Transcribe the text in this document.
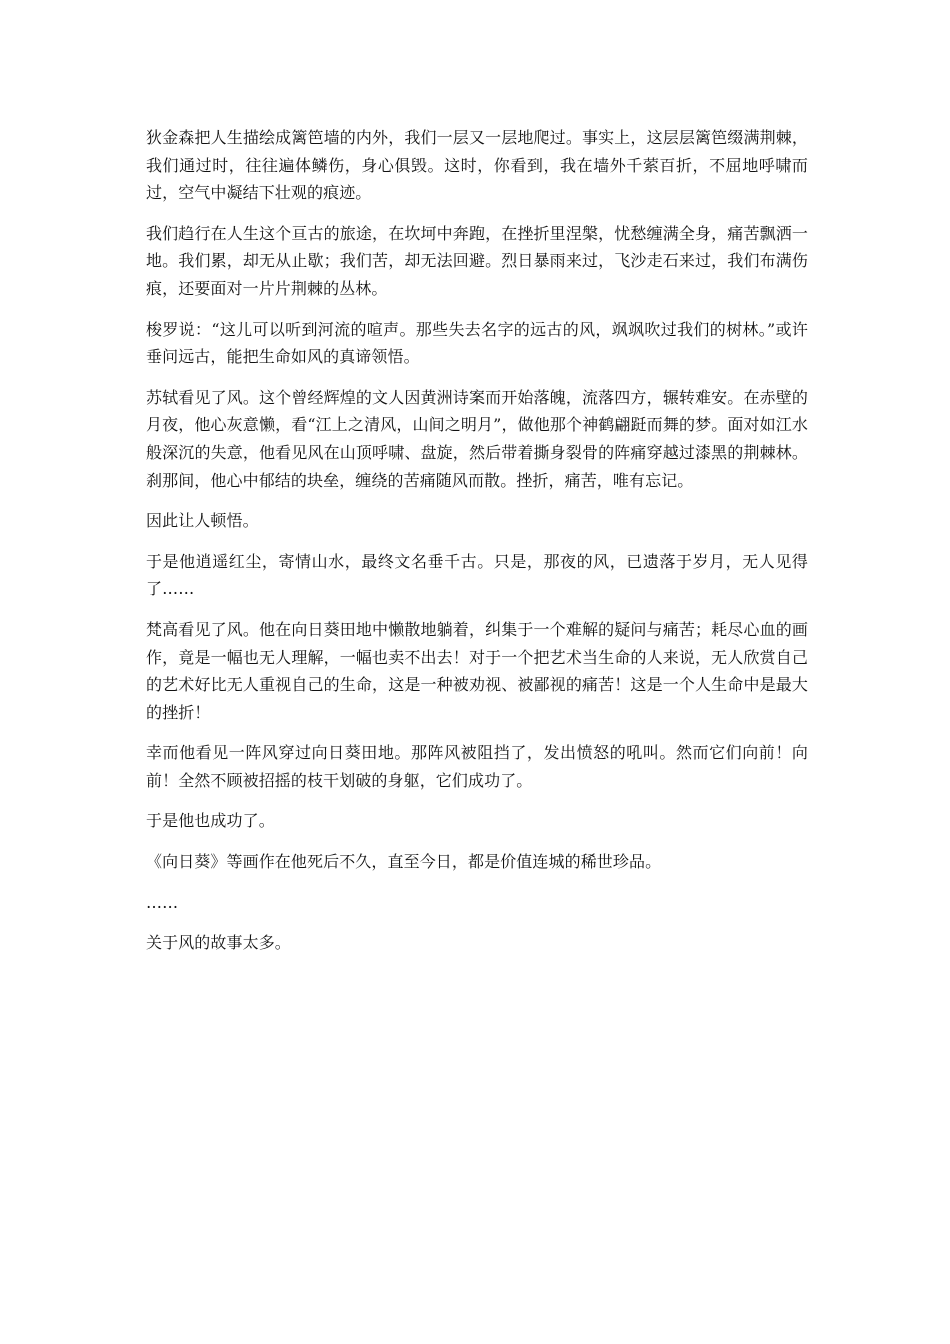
狄金森把人生描绘成篱笆墙的内外，我们一层又一层地爬过。事实上，这层层篱笆缀满荆棘，我们通过时，往往遍体鳞伤，身心俱毁。这时，你看到，我在墙外千萦百折，不屈地呼啸而过，空气中凝结下壮观的痕迹。

我们趋行在人生这个亘古的旅途，在坎坷中奔跑，在挫折里涅槃，忧愁缠满全身，痛苦飘洒一地。我们累，却无从止歇；我们苦，却无法回避。烈日暴雨来过，飞沙走石来过，我们布满伤痕，还要面对一片片荆棘的丛林。

梭罗说：“这儿可以听到河流的喧声。那些失去名字的远古的风，飒飒吹过我们的树林。”或许垂问远古，能把生命如风的真谛领悟。

苏轼看见了风。这个曾经辉煌的文人因黄洲诗案而开始落魄，流落四方，辗转难安。在赤壁的月夜，他心灰意懒，看“江上之清风，山间之明月”，做他那个神鹤翩跹而舞的梦。面对如江水般深沉的失意，他看见风在山顶呼啸、盘旋，然后带着撕身裂骨的阵痛穿越过漆黑的荆棘林。刹那间，他心中郁结的块垒，缠绕的苦痛随风而散。挫折，痛苦，唯有忘记。

因此让人顿悟。

于是他逍遥红尘，寄情山水，最终文名垂千古。只是，那夜的风，已遗落于岁月，无人见得了……

梵高看见了风。他在向日葵田地中懒散地躺着，纠集于一个难解的疑问与痛苦；耗尽心血的画作，竟是一幅也无人理解，一幅也卖不出去！对于一个把艺术当生命的人来说，无人欣赏自己的艺术好比无人重视自己的生命，这是一种被劝视、被鄙视的痛苦！这是一个人生命中是最大的挫折！

幸而他看见一阵风穿过向日葵田地。那阵风被阻挡了，发出愤怒的吼叫。然而它们向前！向前！全然不顾被招摇的枝干划破的身躯，它们成功了。

于是他也成功了。

《向日葵》等画作在他死后不久，直至今日，都是价值连城的稀世珍品。

……

关于风的故事太多。
